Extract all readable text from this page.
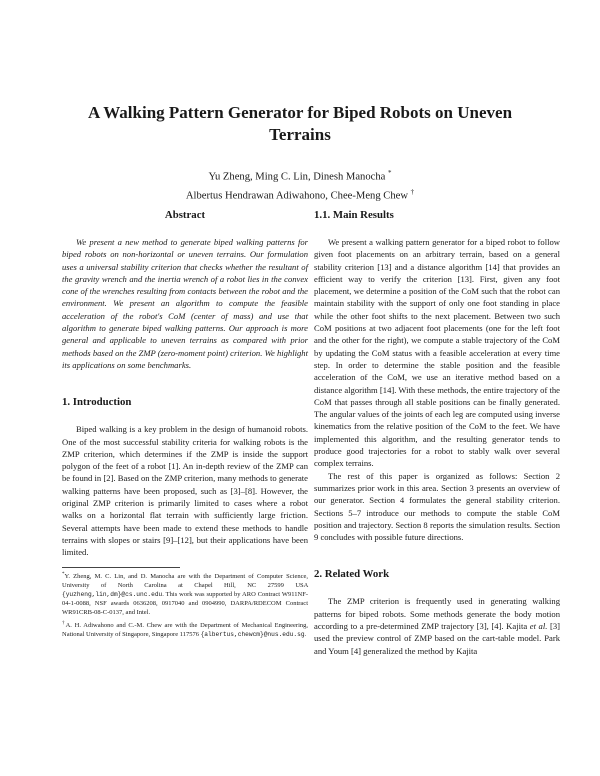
A Walking Pattern Generator for Biped Robots on Uneven Terrains
Yu Zheng, Ming C. Lin, Dinesh Manocha *
Albertus Hendrawan Adiwahono, Chee-Meng Chew †
Abstract

We present a new method to generate biped walking patterns for biped robots on non-horizontal or uneven terrains. Our formulation uses a universal stability criterion that checks whether the resultant of the gravity wrench and the inertia wrench of a robot lies in the convex cone of the wrenches resulting from contacts between the robot and the environment. We present an algorithm to compute the feasible acceleration of the robot's CoM (center of mass) and use that algorithm to generate biped walking patterns. Our approach is more general and applicable to uneven terrains as compared with prior methods based on the ZMP (zero-moment point) criterion. We highlight its applications on some benchmarks.

1. Introduction

Biped walking is a key problem in the design of humanoid robots. One of the most successful stability criteria for walking robots is the ZMP criterion, which determines if the ZMP is inside the support polygon of the feet of a robot [1]. An in-depth review of the ZMP can be found in [2]. Based on the ZMP criterion, many methods to generate walking patterns have been proposed, such as [3]–[8]. However, the original ZMP criterion is primarily limited to cases where a robot walks on a horizontal flat terrain with sufficiently large friction. Several attempts have been made to extend these methods to handle terrains with slopes or stairs [9]–[12], but their applications have been limited.

*Y. Zheng, M. C. Lin, and D. Manocha are with the Department of Computer Science, University of North Carolina at Chapel Hill, NC 27599 USA {yuzheng,lin,dm}@cs.unc.edu. This work was supported by ARO Contract W911NF-04-1-0088, NSF awards 0636208, 0917040 and 0904990, DARPA/RDECOM Contract WR91CRB-08-C-0137, and Intel.
†A. H. Adiwahono and C.-M. Chew are with the Department of Mechanical Engineering, National University of Singapore, Singapore 117576 {albertus,chewcm}@nus.edu.sg.
1.1. Main Results

We present a walking pattern generator for a biped robot to follow given foot placements on an arbitrary terrain, based on a general stability criterion [13] and a distance algorithm [14] that provides an efficient way to verify the criterion [13]. First, given any foot placement, we determine a position of the CoM such that the robot can maintain stability with the support of only one foot standing in place while the other foot shifts to the next placement. Between two such CoM positions at two adjacent foot placements (one for the left foot and the other for the right), we compute a stable trajectory of the CoM by updating the CoM status with a feasible acceleration at every time step. In order to determine the stable position and the feasible acceleration of the CoM, we use an iterative method based on a distance algorithm [14]. With these methods, the entire trajectory of the CoM that passes through all stable positions can be finally generated. The angular values of the joints of each leg are computed using inverse kinematics from the relative position of the CoM to the feet. We have implemented this algorithm, and the resulting generator tends to produce good trajectories for a robot to stably walk over several complex terrains.

The rest of this paper is organized as follows: Section 2 summarizes prior work in this area. Section 3 presents an overview of our generator. Section 4 formulates the general stability criterion. Sections 5–7 introduce our methods to compute the stable CoM position and trajectory. Section 8 reports the simulation results. Section 9 concludes with possible future directions.

2. Related Work

The ZMP criterion is frequently used in generating walking patterns for biped robots. Some methods generate the body motion according to a pre-determined ZMP trajectory [3], [4]. Kajita et al. [3] used the preview control of ZMP based on the cart-table model. Park and Youm [4] generalized the method by Kajita
